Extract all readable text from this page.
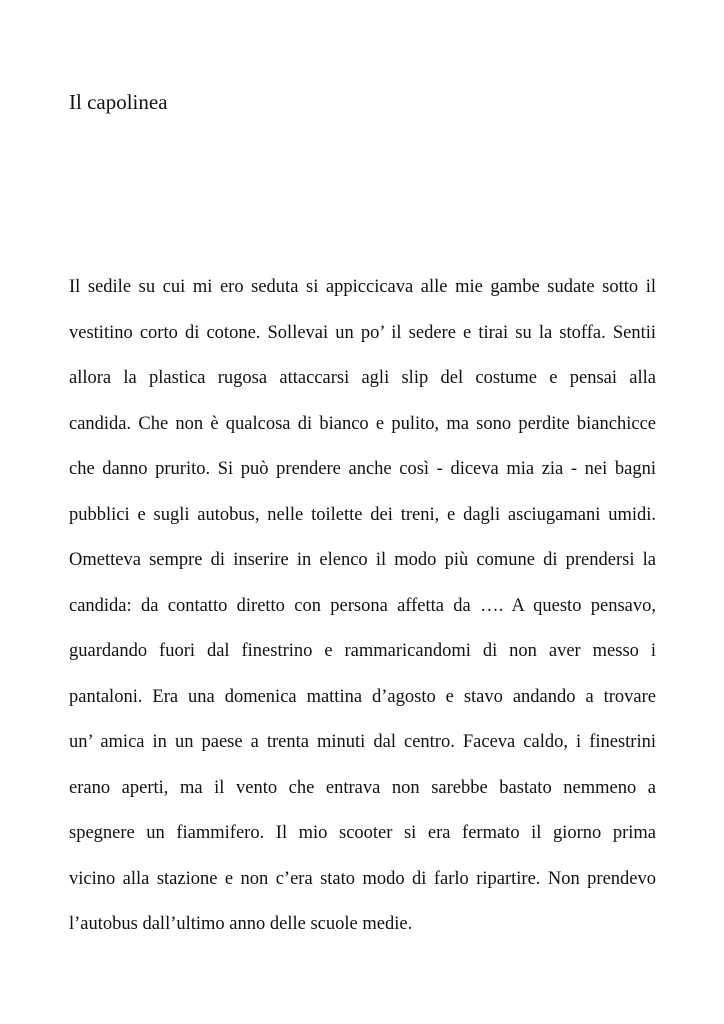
Il capolinea
Il sedile su cui mi ero seduta si appiccicava alle mie gambe sudate sotto il
vestitino corto di cotone. Sollevai un po’ il sedere e tirai su la stoffa. Sentii
allora la plastica rugosa attaccarsi agli slip del costume e pensai alla
candida. Che non è qualcosa di bianco e pulito, ma sono perdite bianchicce
che danno prurito. Si può prendere anche così - diceva mia zia - nei bagni
pubblici e sugli autobus, nelle toilette dei treni, e dagli asciugamani umidi.
Ometteva sempre di inserire in elenco il modo più comune di prendersi la
candida: da contatto diretto con persona affetta da …. A questo pensavo,
guardando fuori dal finestrino e rammaricandomi di non aver messo i
pantaloni. Era una domenica mattina d’agosto e stavo andando a trovare
un’ amica in un paese a trenta minuti dal centro. Faceva caldo, i finestrini
erano aperti, ma il vento che entrava non sarebbe bastato nemmeno a
spegnere un fiammifero. Il mio scooter si era fermato il giorno prima
vicino alla stazione e non c’era stato modo di farlo ripartire. Non prendevo
l’autobus dall’ultimo anno delle scuole medie.
